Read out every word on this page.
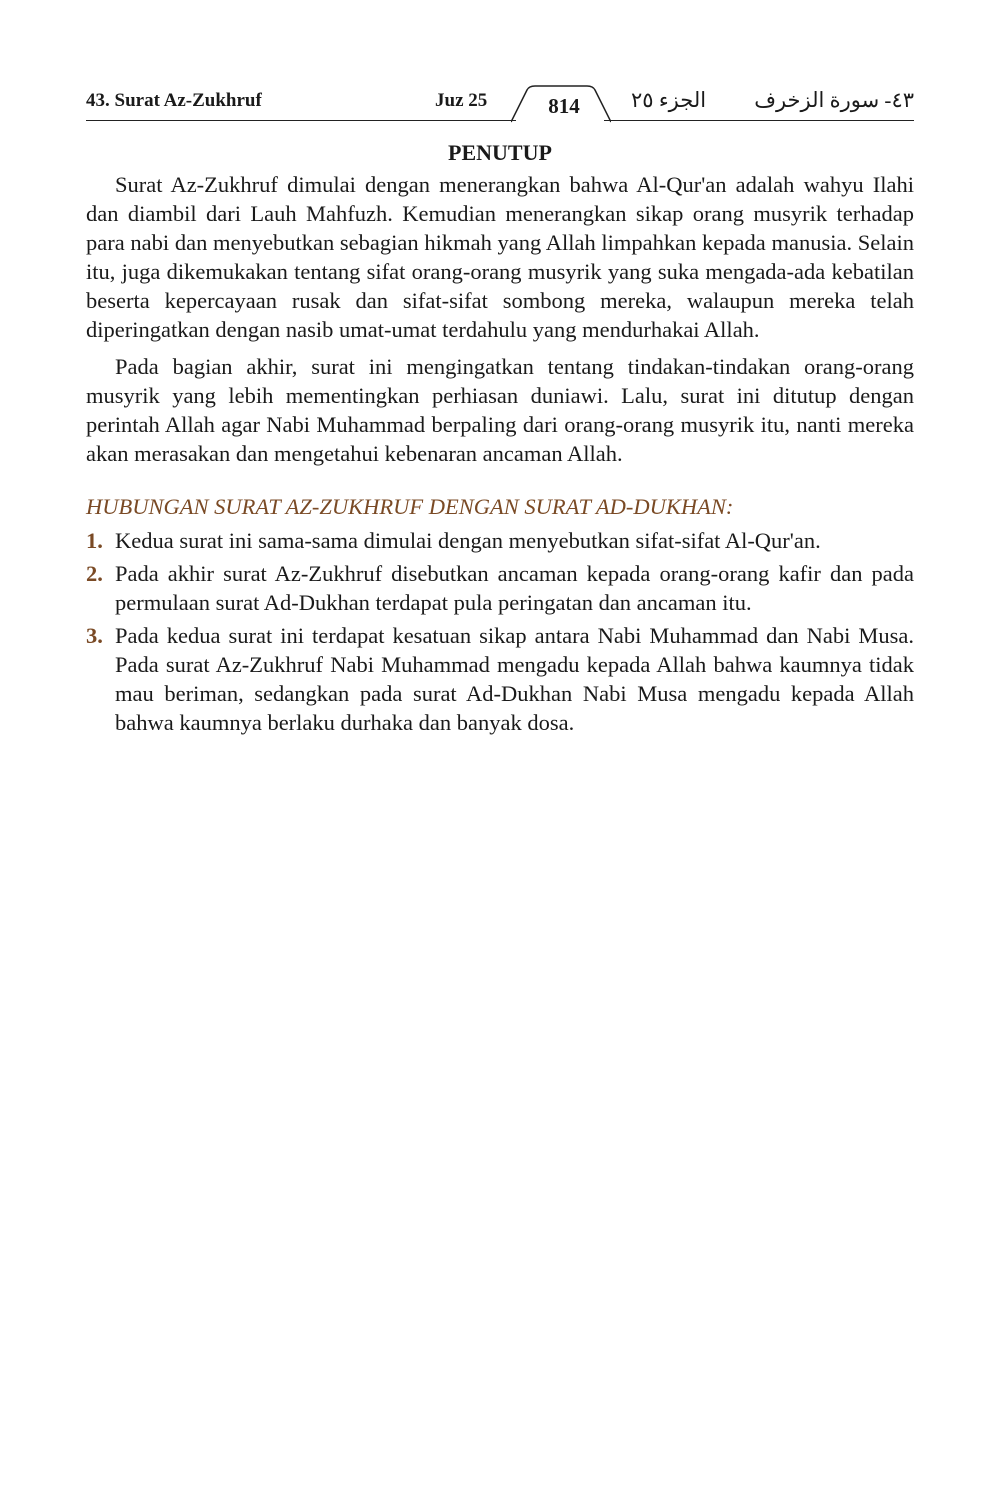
43. Surat Az-Zukhruf	Juz 25	814	الجزء ٢٥ ٤٣- سورة الزخرف
PENUTUP

Surat Az-Zukhruf dimulai dengan menerangkan bahwa Al-Qur'an adalah wahyu Ilahi dan diambil dari Lauh Mahfuzh. Kemudian menerangkan sikap orang musyrik terhadap para nabi dan menyebutkan sebagian hikmah yang Allah limpahkan kepada manusia. Selain itu, juga dikemukakan tentang sifat orang-orang musyrik yang suka mengada-ada kebatilan beserta kepercayaan rusak dan sifat-sifat sombong mereka, walaupun mereka telah diperingatkan dengan nasib umat-umat terdahulu yang mendurhakai Allah.

Pada bagian akhir, surat ini mengingatkan tentang tindakan-tindakan orang-orang musyrik yang lebih mementingkan perhiasan duniawi. Lalu, surat ini ditutup dengan perintah Allah agar Nabi Muhammad berpaling dari orang-orang musyrik itu, nanti mereka akan merasakan dan mengetahui kebenaran ancaman Allah.

HUBUNGAN SURAT AZ-ZUKHRUF DENGAN SURAT AD-DUKHAN:
1. Kedua surat ini sama-sama dimulai dengan menyebutkan sifat-sifat Al-Qur'an.
2. Pada akhir surat Az-Zukhruf disebutkan ancaman kepada orang-orang kafir dan pada permulaan surat Ad-Dukhan terdapat pula peringatan dan ancaman itu.
3. Pada kedua surat ini terdapat kesatuan sikap antara Nabi Muhammad dan Nabi Musa. Pada surat Az-Zukhruf Nabi Muhammad mengadu kepada Allah bahwa kaumnya tidak mau beriman, sedangkan pada surat Ad-Dukhan Nabi Musa mengadu kepada Allah bahwa kaumnya berlaku durhaka dan banyak dosa.
